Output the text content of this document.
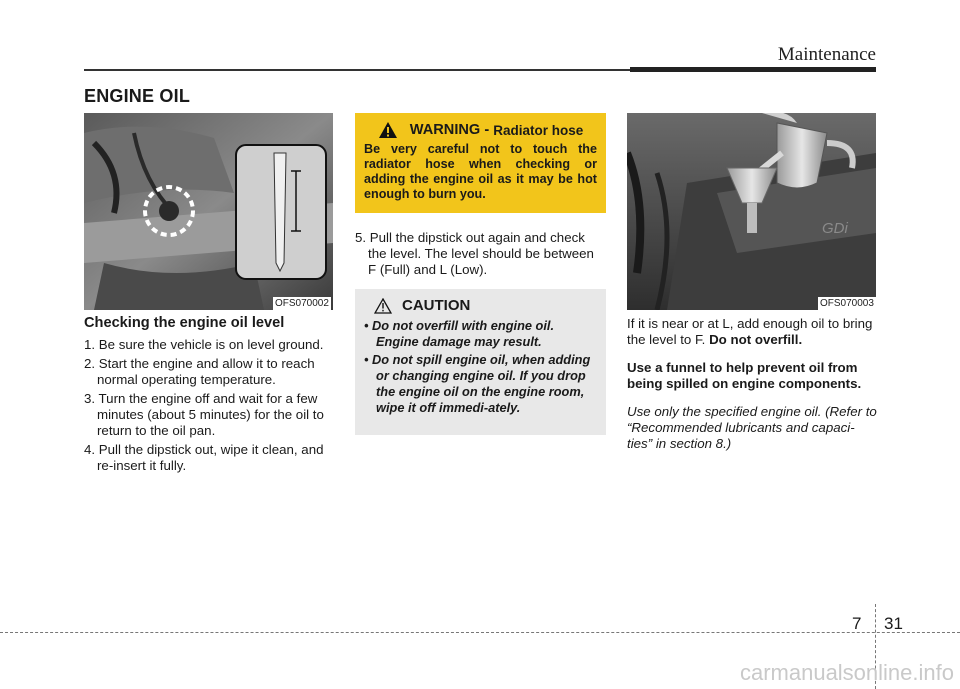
Maintenance
ENGINE OIL
OFS070002
Checking the engine oil level
1. Be sure the vehicle is on level ground.
2. Start the engine and allow it to reach normal operating temperature.
3. Turn the engine off and wait for a few minutes (about 5 minutes) for the oil to return to the oil pan.
4. Pull the dipstick out, wipe it clean, and re-insert it fully.
WARNING - Radiator hose
Be very careful not to touch the radiator hose when checking or adding the engine oil as it may be hot enough to burn you.
5. Pull the dipstick out again and check the level. The level should be between F (Full) and L (Low).
CAUTION
• Do not overfill with engine oil. Engine damage may result.
• Do not spill engine oil, when adding or changing engine oil. If you drop the engine oil on the engine room, wipe it off immedi-ately.
GDi
OFS070003
If it is near or at L, add enough oil to bring the level to F. Do not overfill.
Use a funnel to help prevent oil from being spilled on engine components.
Use only the specified engine oil. (Refer to “Recommended lubricants and capaci-ties” in section 8.)
7 31
carmanualsonline.info
